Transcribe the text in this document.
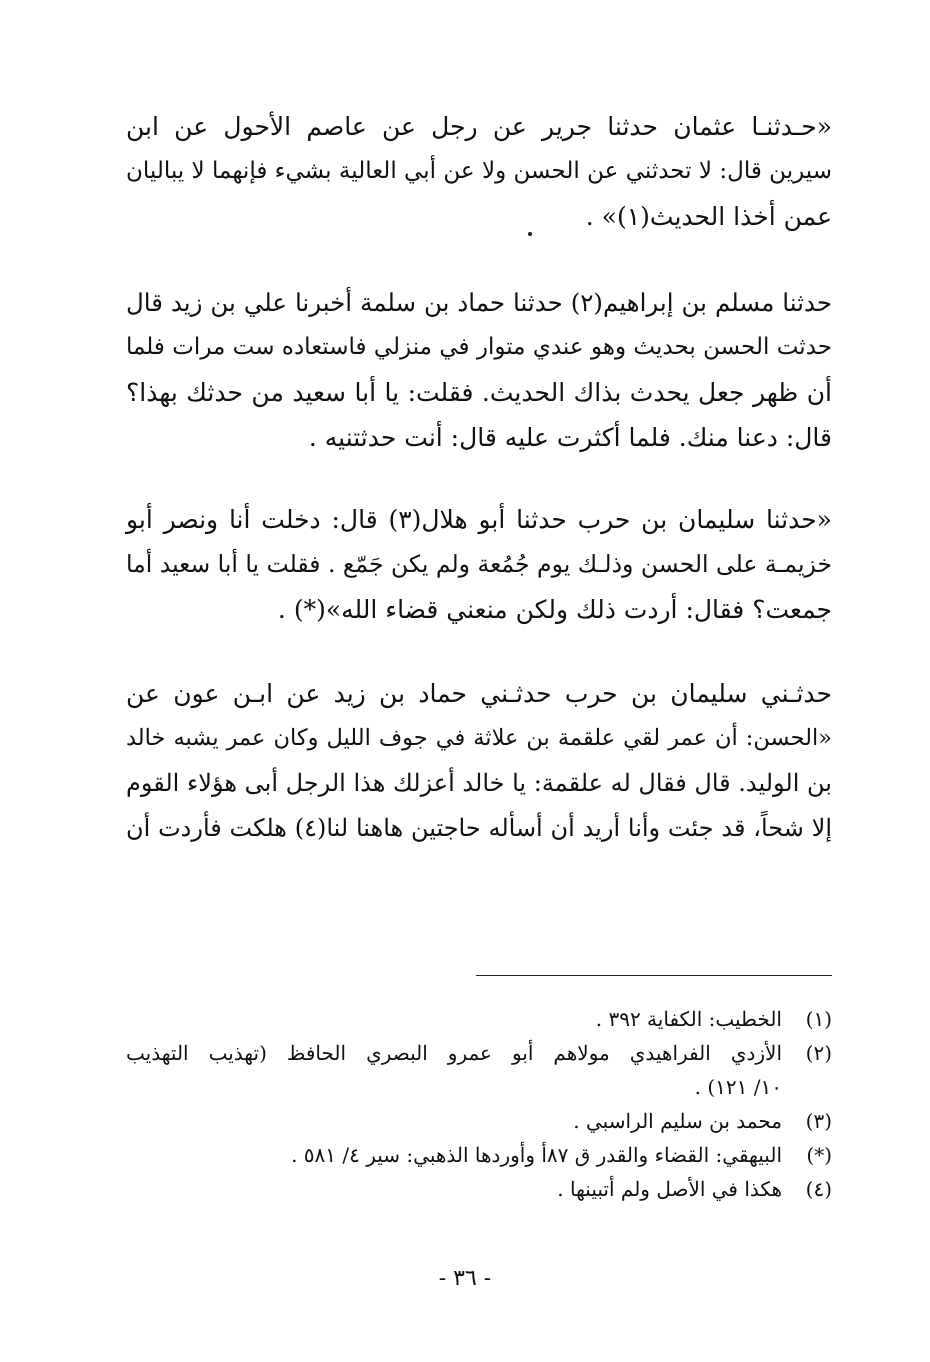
«حـدثنـا عثمان حدثنا جرير عن رجل عن عاصم الأحول عن ابن
سيرين قال: لا تحدثني عن الحسن ولا عن أبي العالية بشيء فإنهما لا يباليان
عمن أخذا الحديث(١)» .
حدثنا مسلم بن إبراهيم(٢) حدثنا حماد بن سلمة أخبرنا علي بن زيد قال
حدثت الحسن بحديث وهو عندي متوار في منزلي فاستعاده ست مرات فلما
أن ظهر جعل يحدث بذاك الحديث. فقلت: يا أبا سعيد من حدثك بهذا؟
قال: دعنا منك. فلما أكثرت عليه قال: أنت حدثتنيه .
«حدثنا سليمان بن حرب حدثنا أبو هلال(٣) قال: دخلت أنا ونصر أبو
خزيمـة على الحسن وذلـك يوم جُمُعة ولم يكن جَمّع . فقلت يا أبا سعيد أما
جمعت؟ فقال: أردت ذلك ولكن منعني قضاء الله»(*) .
حدثـني سليمان بن حرب حدثـني حماد بن زيد عن ابـن عون عن
«الحسن: أن عمر لقي علقمة بن علاثة في جوف الليل وكان عمر يشبه خالد
بن الوليد. قال فقال له علقمة: يا خالد أعزلك هذا الرجل أبى هؤلاء القوم
إلا شحاً، قد جئت وأنا أريد أن أسأله حاجتين هاهنا لنا(٤) هلكت فأردت أن
(١)
الخطيب: الكفاية ٣٩٢ .
(٢)
الأزدي الفراهيدي مولاهم أبو عمرو البصري الحافظ (تهذيب التهذيب
١٠/ ١٢١) .
(٣)
محمد بن سليم الراسبي .
(*)
البيهقي: القضاء والقدر ق ٨٧أ وأوردها الذهبي: سير ٤/ ٥٨١ .
(٤)
هكذا في الأصل ولم أتبينها .
- ٣٦ -
